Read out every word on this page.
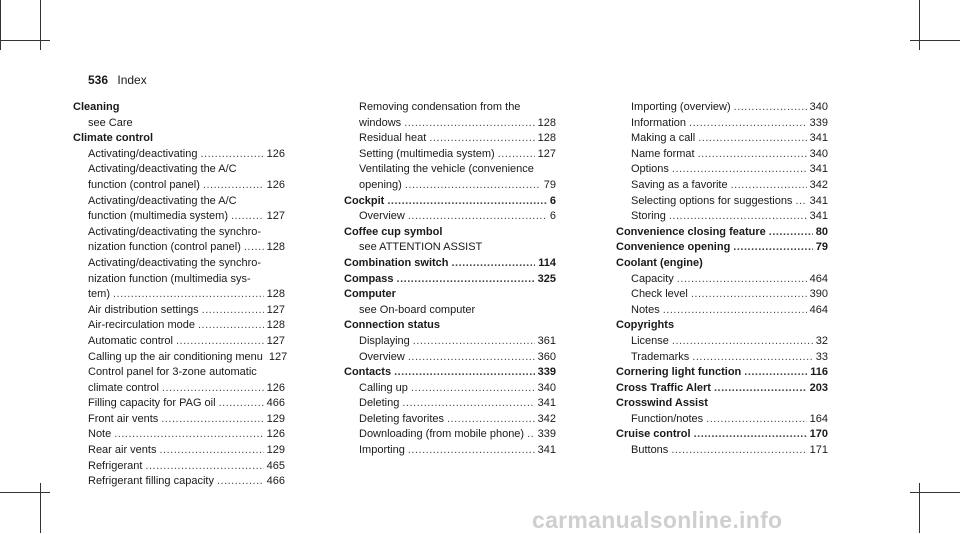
536 Index
Cleaning
see Care
Climate control
Activating/deactivating .....	126
Activating/deactivating the A/C
function (control panel) .....	126
Activating/deactivating the A/C
function (multimedia system) .....	127
Activating/deactivating the synchro-
nization function (control panel) ..... 128
Activating/deactivating the synchro-
nization function (multimedia sys-
tem) .....	128
Air distribution settings .....	127
Air-recirculation mode .....	128
Automatic control .....	127
Calling up the air conditioning menu 127
Control panel for 3-zone automatic
climate control .....	126
Filling capacity for PAG oil .....	466
Front air vents .....	129
Note .....	126
Rear air vents .....	129
Refrigerant .....	465
Refrigerant filling capacity .....	466
Removing condensation from the
windows .....	128
Residual heat .....	128
Setting (multimedia system) .....	127
Ventilating the vehicle (convenience
opening) .....	79
Cockpit .....	6
Overview .....	6
Coffee cup symbol
see ATTENTION ASSIST
Combination switch .....	114
Compass .....	325
Computer
see On-board computer
Connection status
Displaying .....	361
Overview .....	360
Contacts .....	339
Calling up .....	340
Deleting .....	341
Deleting favorites .....	342
Downloading (from mobile phone) ..... 339
Importing .....	341
Importing (overview) .....	340
Information .....	339
Making a call .....	341
Name format .....	340
Options .....	341
Saving as a favorite .....	342
Selecting options for suggestions ..... 341
Storing .....	341
Convenience closing feature .....	80
Convenience opening .....	79
Coolant (engine)
Capacity .....	464
Check level .....	390
Notes .....	464
Copyrights
License .....	32
Trademarks .....	33
Cornering light function .....	116
Cross Traffic Alert .....	203
Crosswind Assist
Function/notes .....	164
Cruise control .....	170
Buttons .....	171
carmanualsonline.info
